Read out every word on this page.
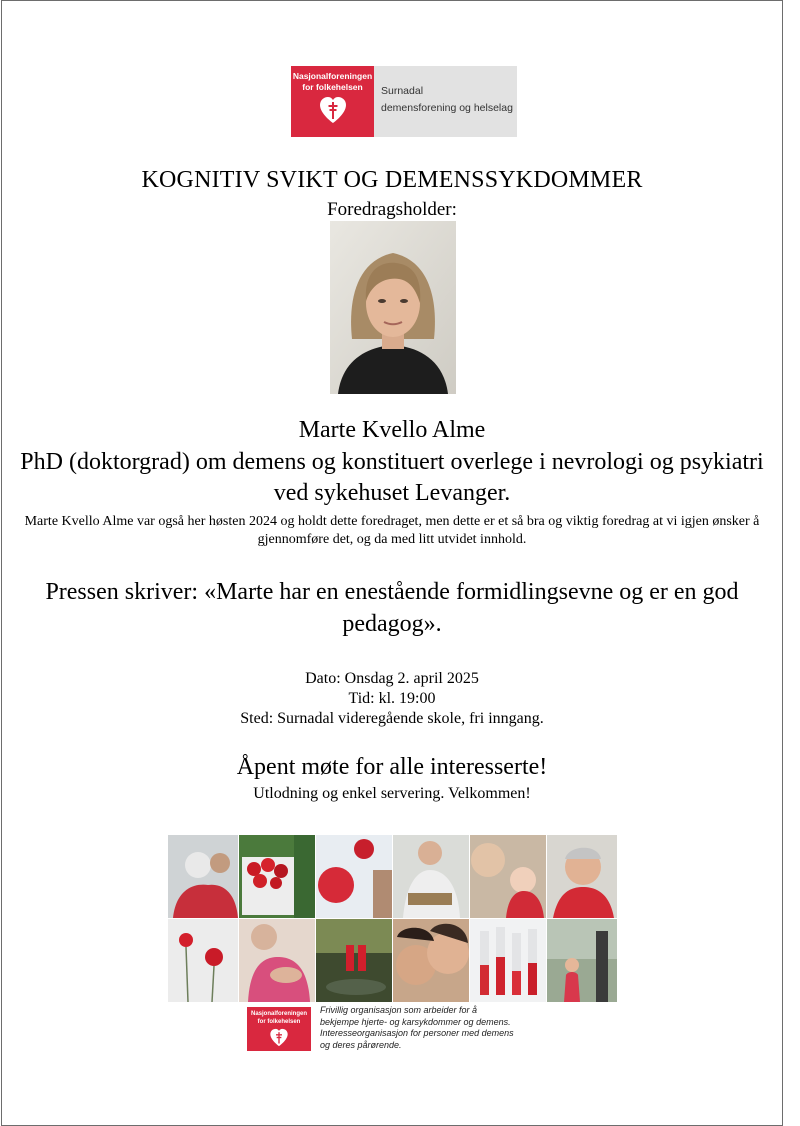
Nasjonalforeningen
for folkehelsen	Surnadal
demensforening og helselag
KOGNITIV SVIKT OG DEMENSSYKDOMMER
Foredragsholder:
Marte Kvello Alme
PhD (doktorgrad) om demens og konstituert overlege i nevrologi og psykiatri ved sykehuset Levanger.
Marte Kvello Alme var også her høsten 2024 og holdt dette foredraget, men dette er et så bra og viktig foredrag at vi igjen ønsker å gjennomføre det, og da med litt utvidet innhold.
Pressen skriver: «Marte har en enestående formidlingsevne og er en god pedagog».
Dato: Onsdag 2. april 2025
Tid: kl. 19:00
Sted: Surnadal videregående skole, fri inngang.
Åpent møte for alle interesserte!
Utlodning og enkel servering. Velkommen!
Nasjonalforeningen
for folkehelsen
Frivillig organisasjon som arbeider for å
bekjempe hjerte- og karsykdommer og demens.
Interesseorganisasjon for personer med demens
og deres pårørende.
